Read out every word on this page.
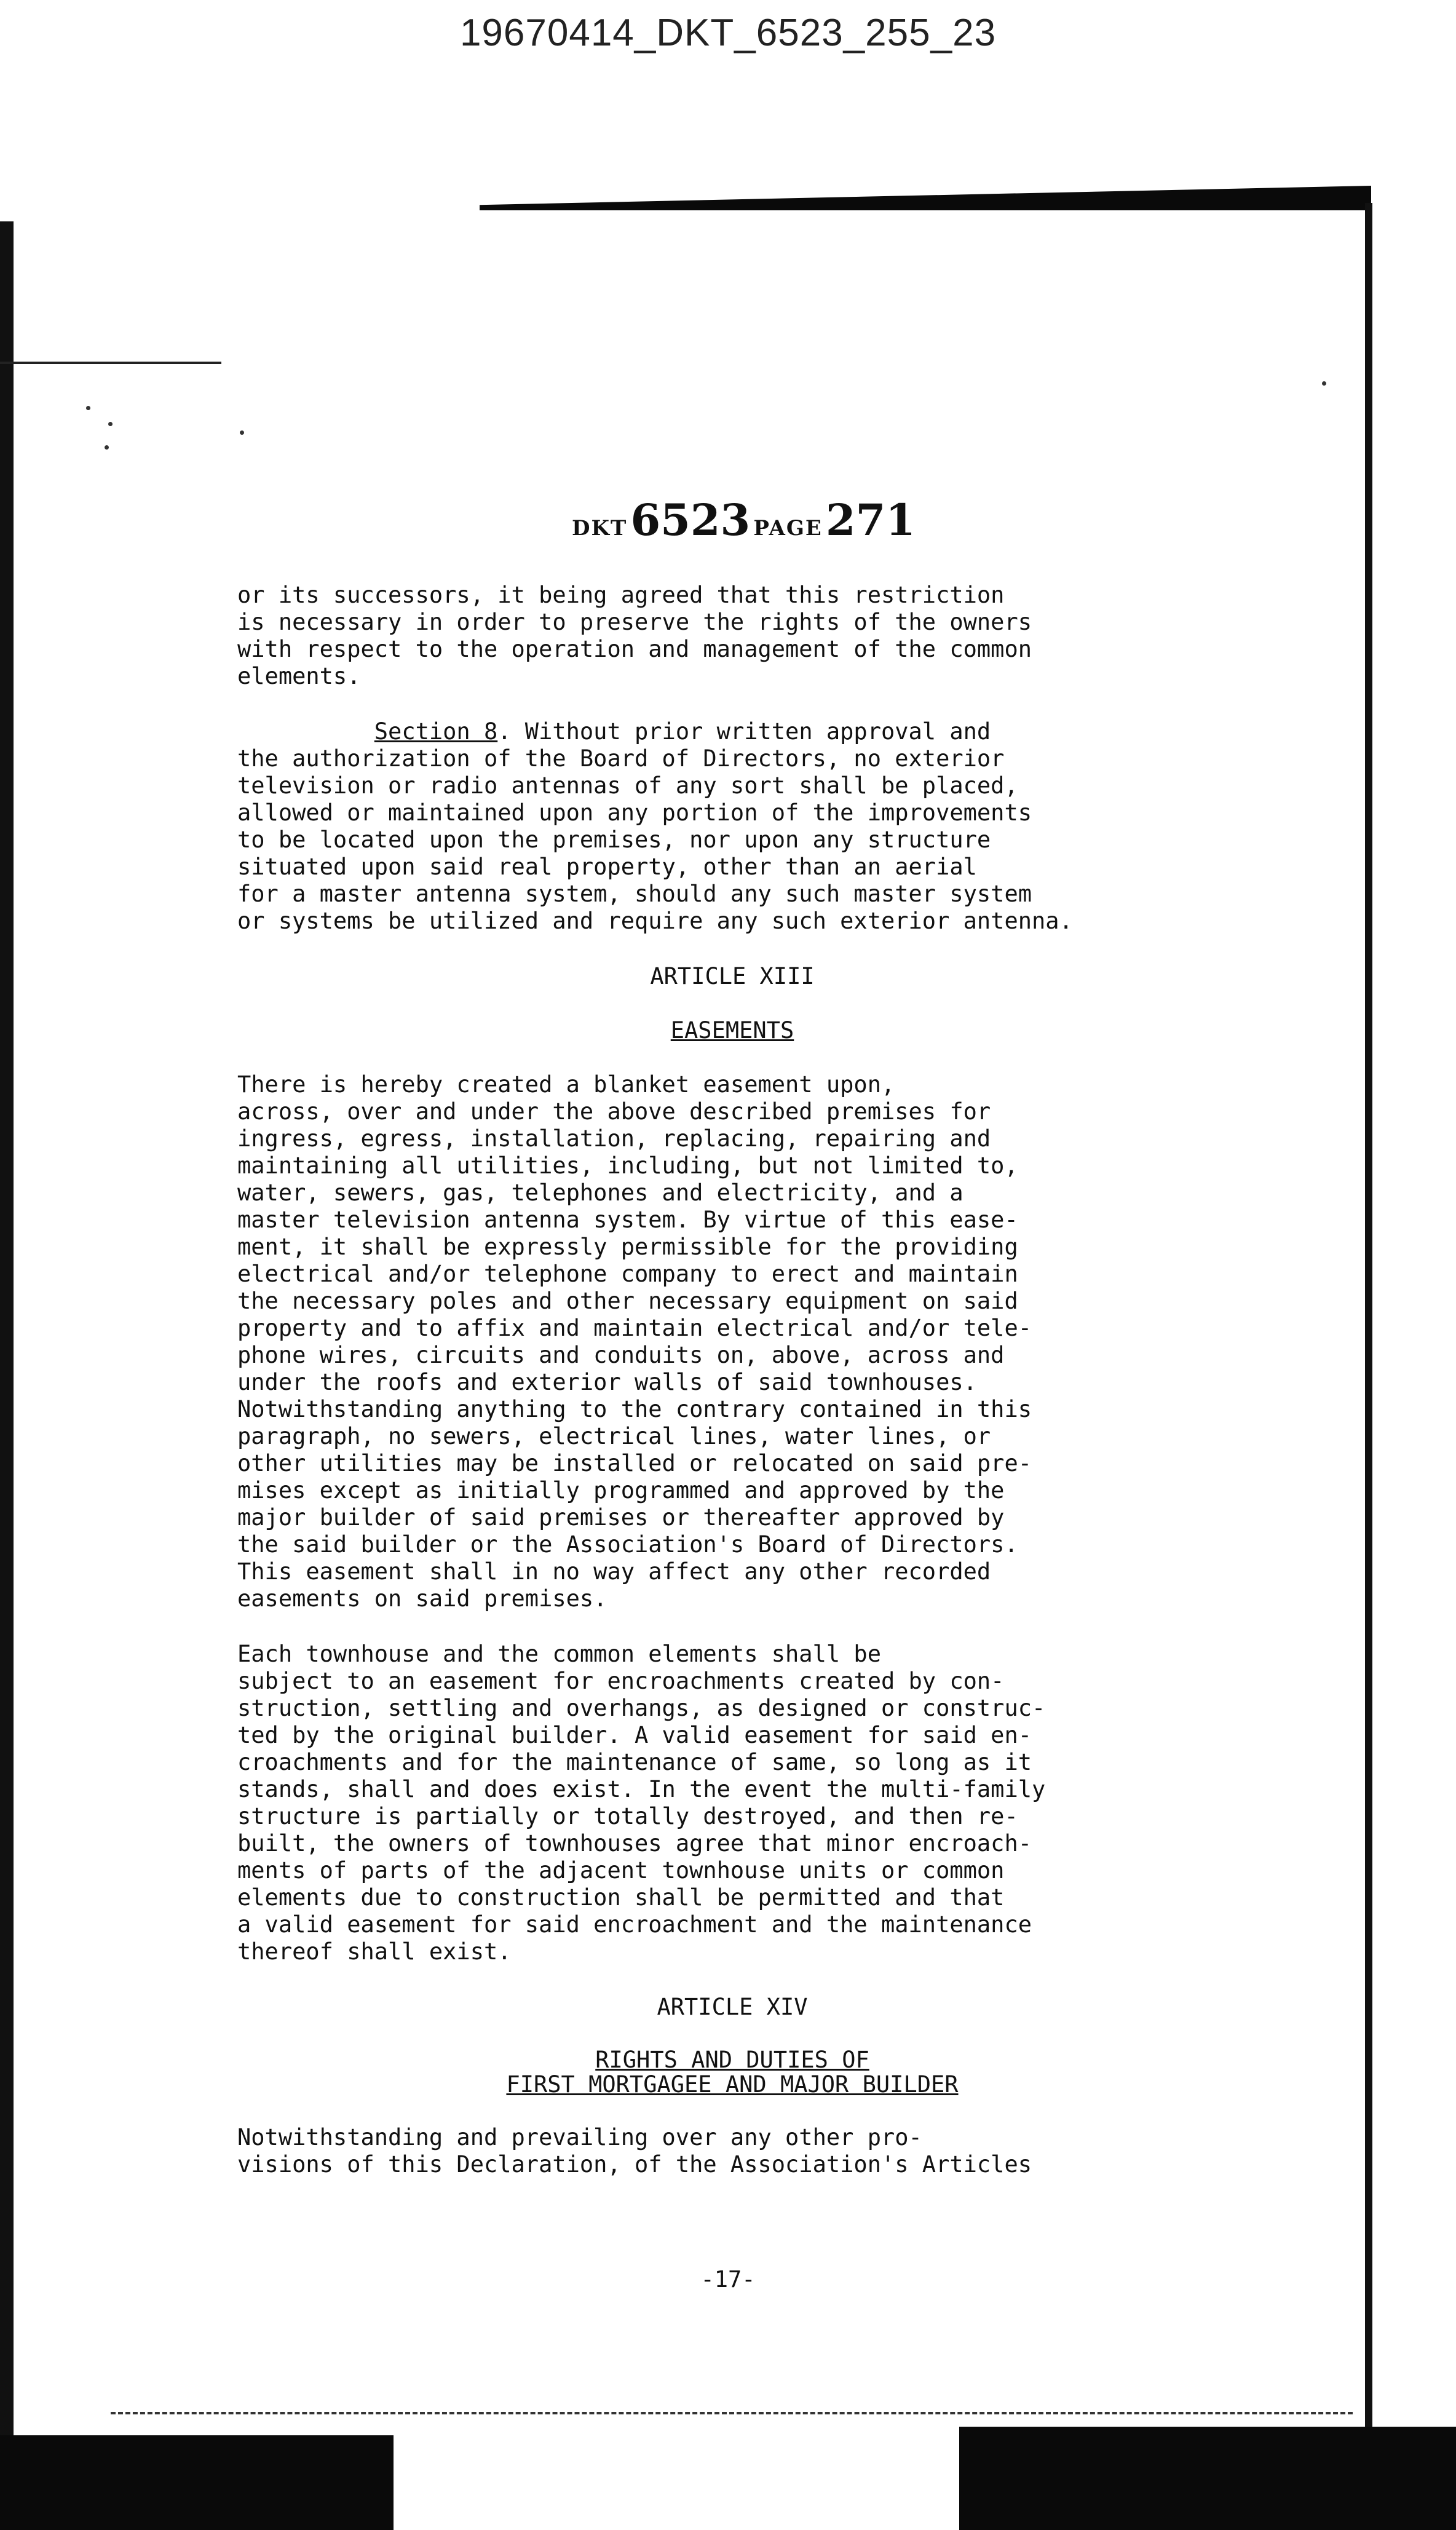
19670414_DKT_6523_255_23
DKT 6523 PAGE 271

or its successors, it being agreed that this restriction
is necessary in order to preserve the rights of the owners
with respect to the operation and management of the common
elements.

Section 8. Without prior written approval and
the authorization of the Board of Directors, no exterior
television or radio antennas of any sort shall be placed,
allowed or maintained upon any portion of the improvements
to be located upon the premises, nor upon any structure
situated upon said real property, other than an aerial
for a master antenna system, should any such master system
or systems be utilized and require any such exterior antenna.

ARTICLE XIII

EASEMENTS

There is hereby created a blanket easement upon,
across, over and under the above described premises for
ingress, egress, installation, replacing, repairing and
maintaining all utilities, including, but not limited to,
water, sewers, gas, telephones and electricity, and a
master television antenna system. By virtue of this ease-
ment, it shall be expressly permissible for the providing
electrical and/or telephone company to erect and maintain
the necessary poles and other necessary equipment on said
property and to affix and maintain electrical and/or tele-
phone wires, circuits and conduits on, above, across and
under the roofs and exterior walls of said townhouses.
Notwithstanding anything to the contrary contained in this
paragraph, no sewers, electrical lines, water lines, or
other utilities may be installed or relocated on said pre-
mises except as initially programmed and approved by the
major builder of said premises or thereafter approved by
the said builder or the Association's Board of Directors.
This easement shall in no way affect any other recorded
easements on said premises.

Each townhouse and the common elements shall be
subject to an easement for encroachments created by con-
struction, settling and overhangs, as designed or construc-
ted by the original builder. A valid easement for said en-
croachments and for the maintenance of same, so long as it
stands, shall and does exist. In the event the multi-family
structure is partially or totally destroyed, and then re-
built, the owners of townhouses agree that minor encroach-
ments of parts of the adjacent townhouse units or common
elements due to construction shall be permitted and that
a valid easement for said encroachment and the maintenance
thereof shall exist.

ARTICLE XIV

RIGHTS AND DUTIES OF
FIRST MORTGAGEE AND MAJOR BUILDER

Notwithstanding and prevailing over any other pro-
visions of this Declaration, of the Association's Articles

-17-
